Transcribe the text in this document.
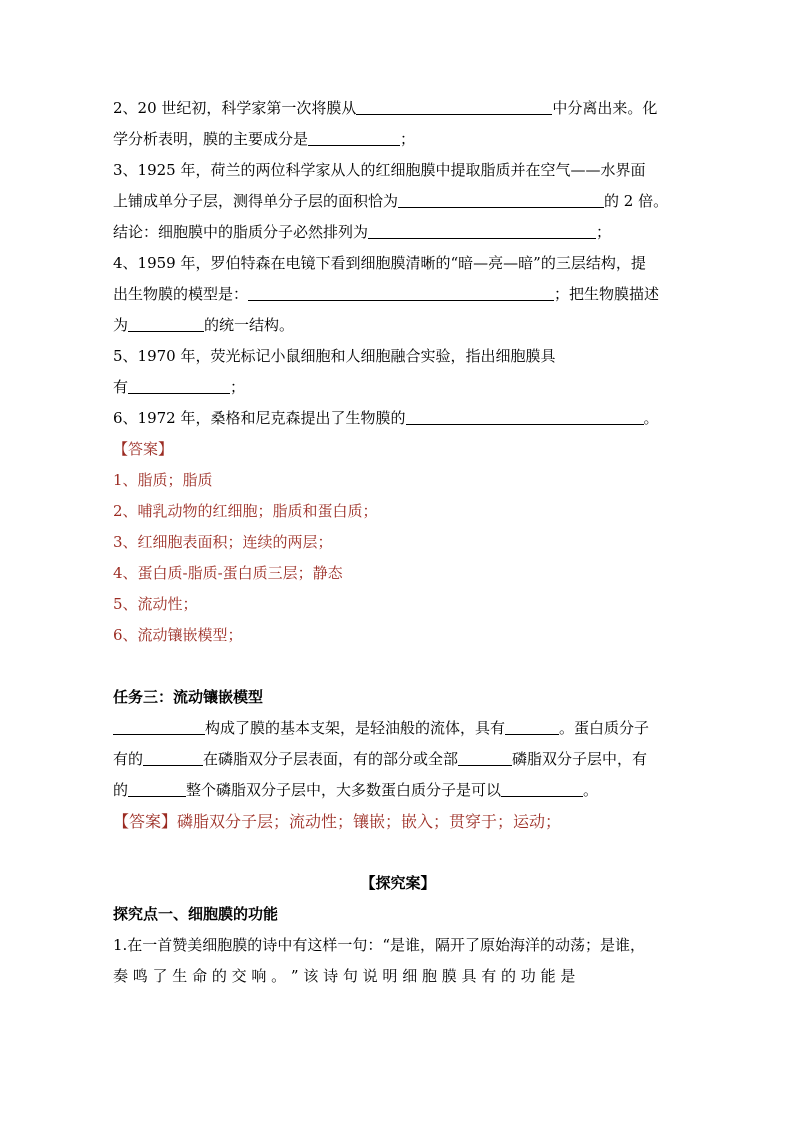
2、20 世纪初，科学家第一次将膜从	中分离出来。化
学分析表明，膜的主要成分是	；
3、1925 年，荷兰的两位科学家从人的红细胞膜中提取脂质并在空气——水界面
上铺成单分子层，测得单分子层的面积恰为	的 2 倍。
结论：细胞膜中的脂质分子必然排列为	；
4、1959 年，罗伯特森在电镜下看到细胞膜清晰的“暗—亮—暗”的三层结构，提
出生物膜的模型是：	；把生物膜描述
为	的统一结构。
5、1970 年，荧光标记小鼠细胞和人细胞融合实验，指出细胞膜具
有	；
6、1972 年，桑格和尼克森提出了生物膜的	。
【答案】
1、脂质；脂质
2、哺乳动物的红细胞；脂质和蛋白质；
3、红细胞表面积；连续的两层；
4、蛋白质-脂质-蛋白质三层；静态
5、流动性；
6、流动镶嵌模型；
任务三：流动镶嵌模型
构成了膜的基本支架，是轻油般的流体，具有	。蛋白质分子
有的	在磷脂双分子层表面，有的部分或全部	磷脂双分子层中，有
的	整个磷脂双分子层中，大多数蛋白质分子是可以	。
【答案】磷脂双分子层；流动性；镶嵌；嵌入；贯穿于；运动；
【探究案】
探究点一、细胞膜的功能
1.在一首赞美细胞膜的诗中有这样一句：“是谁，隔开了原始海洋的动荡；是谁，
奏 鸣 了 生 命 的 交 响 。 ” 该 诗 句 说 明 细 胞 膜 具 有 的 功 能 是
